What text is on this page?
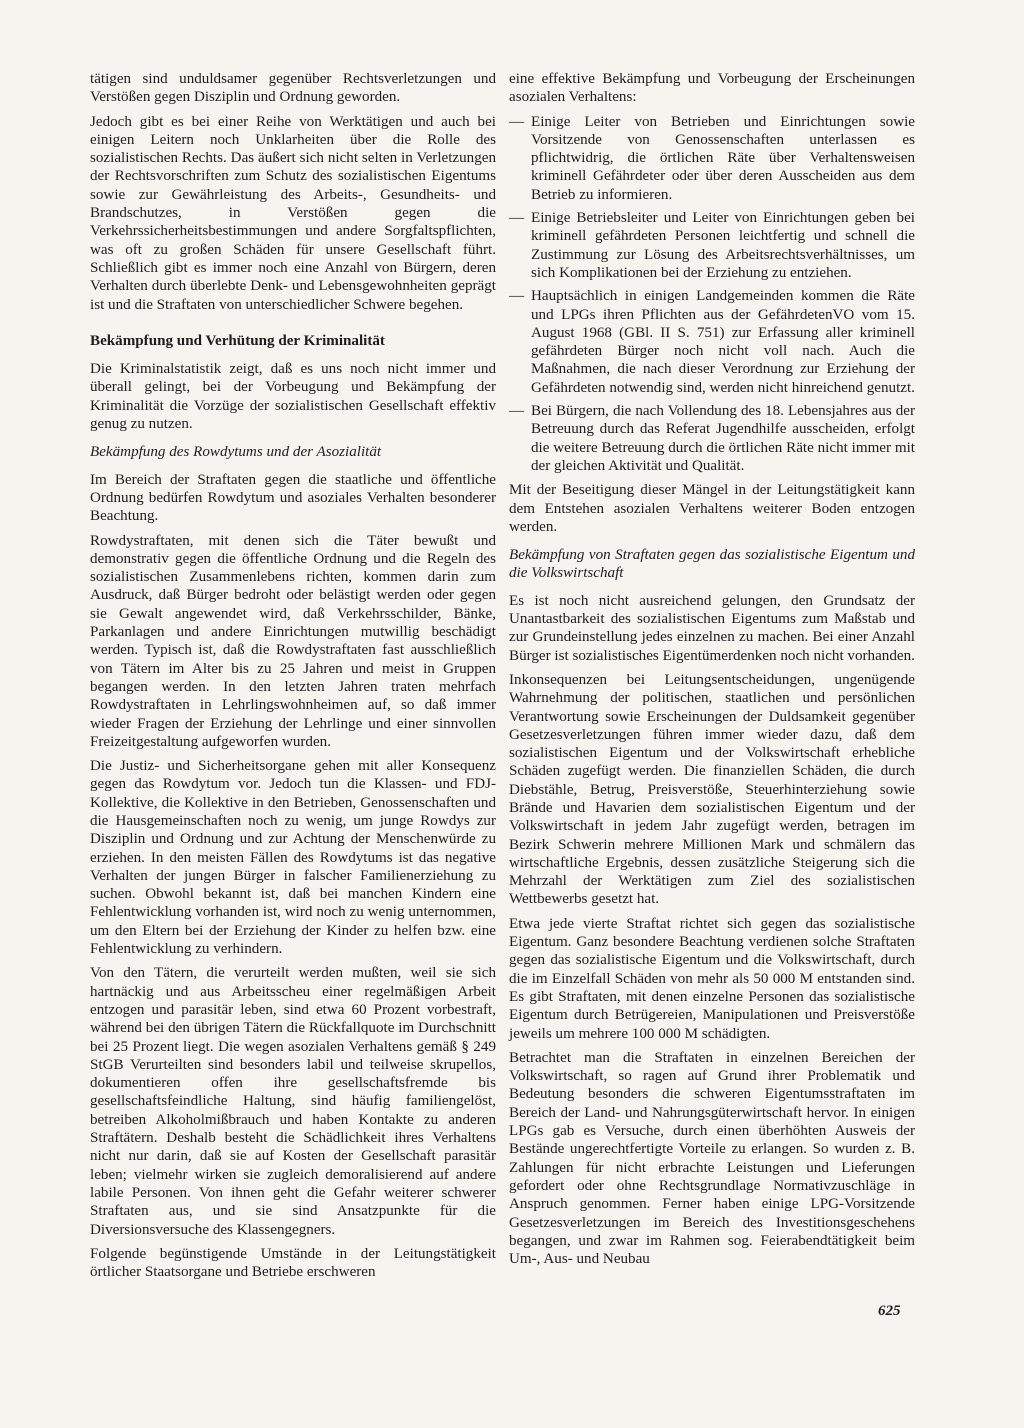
tätigen sind unduldsamer gegenüber Rechtsverletzungen und Verstößen gegen Disziplin und Ordnung geworden.

Jedoch gibt es bei einer Reihe von Werktätigen und auch bei einigen Leitern noch Unklarheiten über die Rolle des sozialistischen Rechts. Das äußert sich nicht selten in Verletzungen der Rechtsvorschriften zum Schutz des sozialistischen Eigentums sowie zur Gewährleistung des Arbeits-, Gesundheits- und Brandschutzes, in Verstößen gegen die Verkehrssicherheitsbestimmungen und andere Sorgfaltspflichten, was oft zu großen Schäden für unsere Gesellschaft führt. Schließlich gibt es immer noch eine Anzahl von Bürgern, deren Verhalten durch überlebte Denk- und Lebensgewohnheiten geprägt ist und die Straftaten von unterschiedlicher Schwere begehen.

Bekämpfung und Verhütung der Kriminalität

Die Kriminalstatistik zeigt, daß es uns noch nicht immer und überall gelingt, bei der Vorbeugung und Bekämpfung der Kriminalität die Vorzüge der sozialistischen Gesellschaft effektiv genug zu nutzen.

Bekämpfung des Rowdytums und der Asozialität

Im Bereich der Straftaten gegen die staatliche und öffentliche Ordnung bedürfen Rowdytum und asoziales Verhalten besonderer Beachtung.

Rowdystraftaten, mit denen sich die Täter bewußt und demonstrativ gegen die öffentliche Ordnung und die Regeln des sozialistischen Zusammenlebens richten, kommen darin zum Ausdruck, daß Bürger bedroht oder belästigt werden oder gegen sie Gewalt angewendet wird, daß Verkehrsschilder, Bänke, Parkanlagen und andere Einrichtungen mutwillig beschädigt werden. Typisch ist, daß die Rowdystraftaten fast ausschließlich von Tätern im Alter bis zu 25 Jahren und meist in Gruppen begangen werden. In den letzten Jahren traten mehrfach Rowdystraftaten in Lehrlingswohnheimen auf, so daß immer wieder Fragen der Erziehung der Lehrlinge und einer sinnvollen Freizeitgestaltung aufgeworfen wurden.

Die Justiz- und Sicherheitsorgane gehen mit aller Konsequenz gegen das Rowdytum vor. Jedoch tun die Klassen- und FDJ-Kollektive, die Kollektive in den Betrieben, Genossenschaften und die Hausgemeinschaften noch zu wenig, um junge Rowdys zur Disziplin und Ordnung und zur Achtung der Menschenwürde zu erziehen. In den meisten Fällen des Rowdytums ist das negative Verhalten der jungen Bürger in falscher Familienerziehung zu suchen. Obwohl bekannt ist, daß bei manchen Kindern eine Fehlentwicklung vorhanden ist, wird noch zu wenig unternommen, um den Eltern bei der Erziehung der Kinder zu helfen bzw. eine Fehlentwicklung zu verhindern.

Von den Tätern, die verurteilt werden mußten, weil sie sich hartnäckig und aus Arbeitsscheu einer regelmäßigen Arbeit entzogen und parasitär leben, sind etwa 60 Prozent vorbestraft, während bei den übrigen Tätern die Rückfallquote im Durchschnitt bei 25 Prozent liegt. Die wegen asozialen Verhaltens gemäß § 249 StGB Verurteilten sind besonders labil und teilweise skrupellos, dokumentieren offen ihre gesellschaftsfremde bis gesellschaftsfeindliche Haltung, sind häufig familiengelöst, betreiben Alkoholmißbrauch und haben Kontakte zu anderen Straftätern. Deshalb besteht die Schädlichkeit ihres Verhaltens nicht nur darin, daß sie auf Kosten der Gesellschaft parasitär leben; vielmehr wirken sie zugleich demoralisierend auf andere labile Personen. Von ihnen geht die Gefahr weiterer schwerer Straftaten aus, und sie sind Ansatzpunkte für die Diversionsversuche des Klassengegners.

Folgende begünstigende Umstände in der Leitungstätigkeit örtlicher Staatsorgane und Betriebe erschweren

eine effektive Bekämpfung und Vorbeugung der Erscheinungen asozialen Verhaltens:

— Einige Leiter von Betrieben und Einrichtungen sowie Vorsitzende von Genossenschaften unterlassen es pflichtwidrig, die örtlichen Räte über Verhaltensweisen kriminell Gefährdeter oder über deren Ausscheiden aus dem Betrieb zu informieren.
— Einige Betriebsleiter und Leiter von Einrichtungen geben bei kriminell gefährdeten Personen leichtfertig und schnell die Zustimmung zur Lösung des Arbeitsrechtsverhältnisses, um sich Komplikationen bei der Erziehung zu entziehen.
— Hauptsächlich in einigen Landgemeinden kommen die Räte und LPGs ihren Pflichten aus der GefährdetenVO vom 15. August 1968 (GBl. II S. 751) zur Erfassung aller kriminell gefährdeten Bürger noch nicht voll nach. Auch die Maßnahmen, die nach dieser Verordnung zur Erziehung der Gefährdeten notwendig sind, werden nicht hinreichend genutzt.
— Bei Bürgern, die nach Vollendung des 18. Lebensjahres aus der Betreuung durch das Referat Jugendhilfe ausscheiden, erfolgt die weitere Betreuung durch die örtlichen Räte nicht immer mit der gleichen Aktivität und Qualität.

Mit der Beseitigung dieser Mängel in der Leitungstätigkeit kann dem Entstehen asozialen Verhaltens weiterer Boden entzogen werden.

Bekämpfung von Straftaten gegen das sozialistische Eigentum und die Volkswirtschaft

Es ist noch nicht ausreichend gelungen, den Grundsatz der Unantastbarkeit des sozialistischen Eigentums zum Maßstab und zur Grundeinstellung jedes einzelnen zu machen. Bei einer Anzahl Bürger ist sozialistisches Eigentümerdenken noch nicht vorhanden.

Inkonsequenzen bei Leitungsentscheidungen, ungenügende Wahrnehmung der politischen, staatlichen und persönlichen Verantwortung sowie Erscheinungen der Duldsamkeit gegenüber Gesetzesverletzungen führen immer wieder dazu, daß dem sozialistischen Eigentum und der Volkswirtschaft erhebliche Schäden zugefügt werden. Die finanziellen Schäden, die durch Diebstähle, Betrug, Preisverstöße, Steuerhinterziehung sowie Brände und Havarien dem sozialistischen Eigentum und der Volkswirtschaft in jedem Jahr zugefügt werden, betragen im Bezirk Schwerin mehrere Millionen Mark und schmälern das wirtschaftliche Ergebnis, dessen zusätzliche Steigerung sich die Mehrzahl der Werktätigen zum Ziel des sozialistischen Wettbewerbs gesetzt hat.

Etwa jede vierte Straftat richtet sich gegen das sozialistische Eigentum. Ganz besondere Beachtung verdienen solche Straftaten gegen das sozialistische Eigentum und die Volkswirtschaft, durch die im Einzelfall Schäden von mehr als 50 000 M entstanden sind. Es gibt Straftaten, mit denen einzelne Personen das sozialistische Eigentum durch Betrügereien, Manipulationen und Preisverstöße jeweils um mehrere 100 000 M schädigten.

Betrachtet man die Straftaten in einzelnen Bereichen der Volkswirtschaft, so ragen auf Grund ihrer Problematik und Bedeutung besonders die schweren Eigentumsstraftaten im Bereich der Land- und Nahrungsgüterwirtschaft hervor. In einigen LPGs gab es Versuche, durch einen überhöhten Ausweis der Bestände ungerechtfertigte Vorteile zu erlangen. So wurden z. B. Zahlungen für nicht erbrachte Leistungen und Lieferungen gefordert oder ohne Rechtsgrundlage Normativzuschläge in Anspruch genommen. Ferner haben einige LPG-Vorsitzende Gesetzesverletzungen im Bereich des Investitionsgeschehens begangen, und zwar im Rahmen sog. Feierabendtätigkeit beim Um-, Aus- und Neubau

625
